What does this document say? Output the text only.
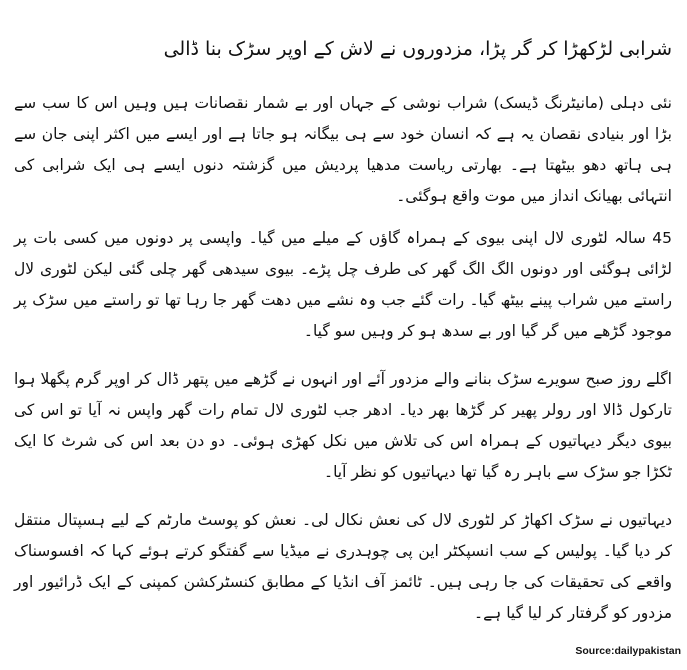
شرابی لڑکھڑا کر گر پڑا، مزدوروں نے لاش کے اوپر سڑک بنا ڈالی

نئی دہلی (مانیٹرنگ ڈیسک) شراب نوشی کے جہاں اور بے شمار نقصانات ہیں وہیں اس کا سب سے بڑا اور بنیادی نقصان یہ ہے کہ انسان خود سے ہی بیگانہ ہو جاتا ہے اور ایسے میں اکثر اپنی جان سے ہی ہاتھ دھو بیٹھتا ہے۔ بھارتی ریاست مدھیا پردیش میں گزشتہ دنوں ایسے ہی ایک شرابی کی انتہائی بھیانک انداز میں موت واقع ہوگئی۔

45 سالہ لٹوری لال اپنی بیوی کے ہمراہ گاﺅں کے میلے میں گیا۔ واپسی پر دونوں میں کسی بات پر لڑائی ہوگئی اور دونوں الگ الگ گھر کی طرف چل پڑے۔ بیوی سیدھی گھر چلی گئی لیکن لٹوری لال راستے میں شراب پینے بیٹھ گیا۔ رات گئے جب وہ نشے میں دھت گھر جا رہا تھا تو راستے میں سڑک پر موجود گڑھے میں گر گیا اور بے سدھ ہو کر وہیں سو گیا۔

اگلے روز صبح سویرے سڑک بنانے والے مزدور آئے اور انہوں نے گڑھے میں پتھر ڈال کر اوپر گرم پگھلا ہوا تارکول ڈالا اور رولر پھیر کر گڑھا بھر دیا۔ ادھر جب لٹوری لال تمام رات گھر واپس نہ آیا تو اس کی بیوی دیگر دیہاتیوں کے ہمراہ اس کی تلاش میں نکل کھڑی ہوئی۔ دو دن بعد اس کی شرٹ کا ایک ٹکڑا جو سڑک سے باہر رہ گیا تھا دیہاتیوں کو نظر آیا۔

دیہاتیوں نے سڑک اکھاڑ کر لٹوری لال کی نعش نکال لی۔ نعش کو پوسٹ مارٹم کے لیے ہسپتال منتقل کر دیا گیا۔ پولیس کے سب انسپکٹر این پی چوہدری نے میڈیا سے گفتگو کرتے ہوئے کہا کہ افسوسناک واقعے کی تحقیقات کی جا رہی ہیں۔ ٹائمز آف انڈیا کے مطابق کنسٹرکشن کمپنی کے ایک ڈرائیور اور مزدور کو گرفتار کر لیا گیا ہے۔

Source:dailypakistan
